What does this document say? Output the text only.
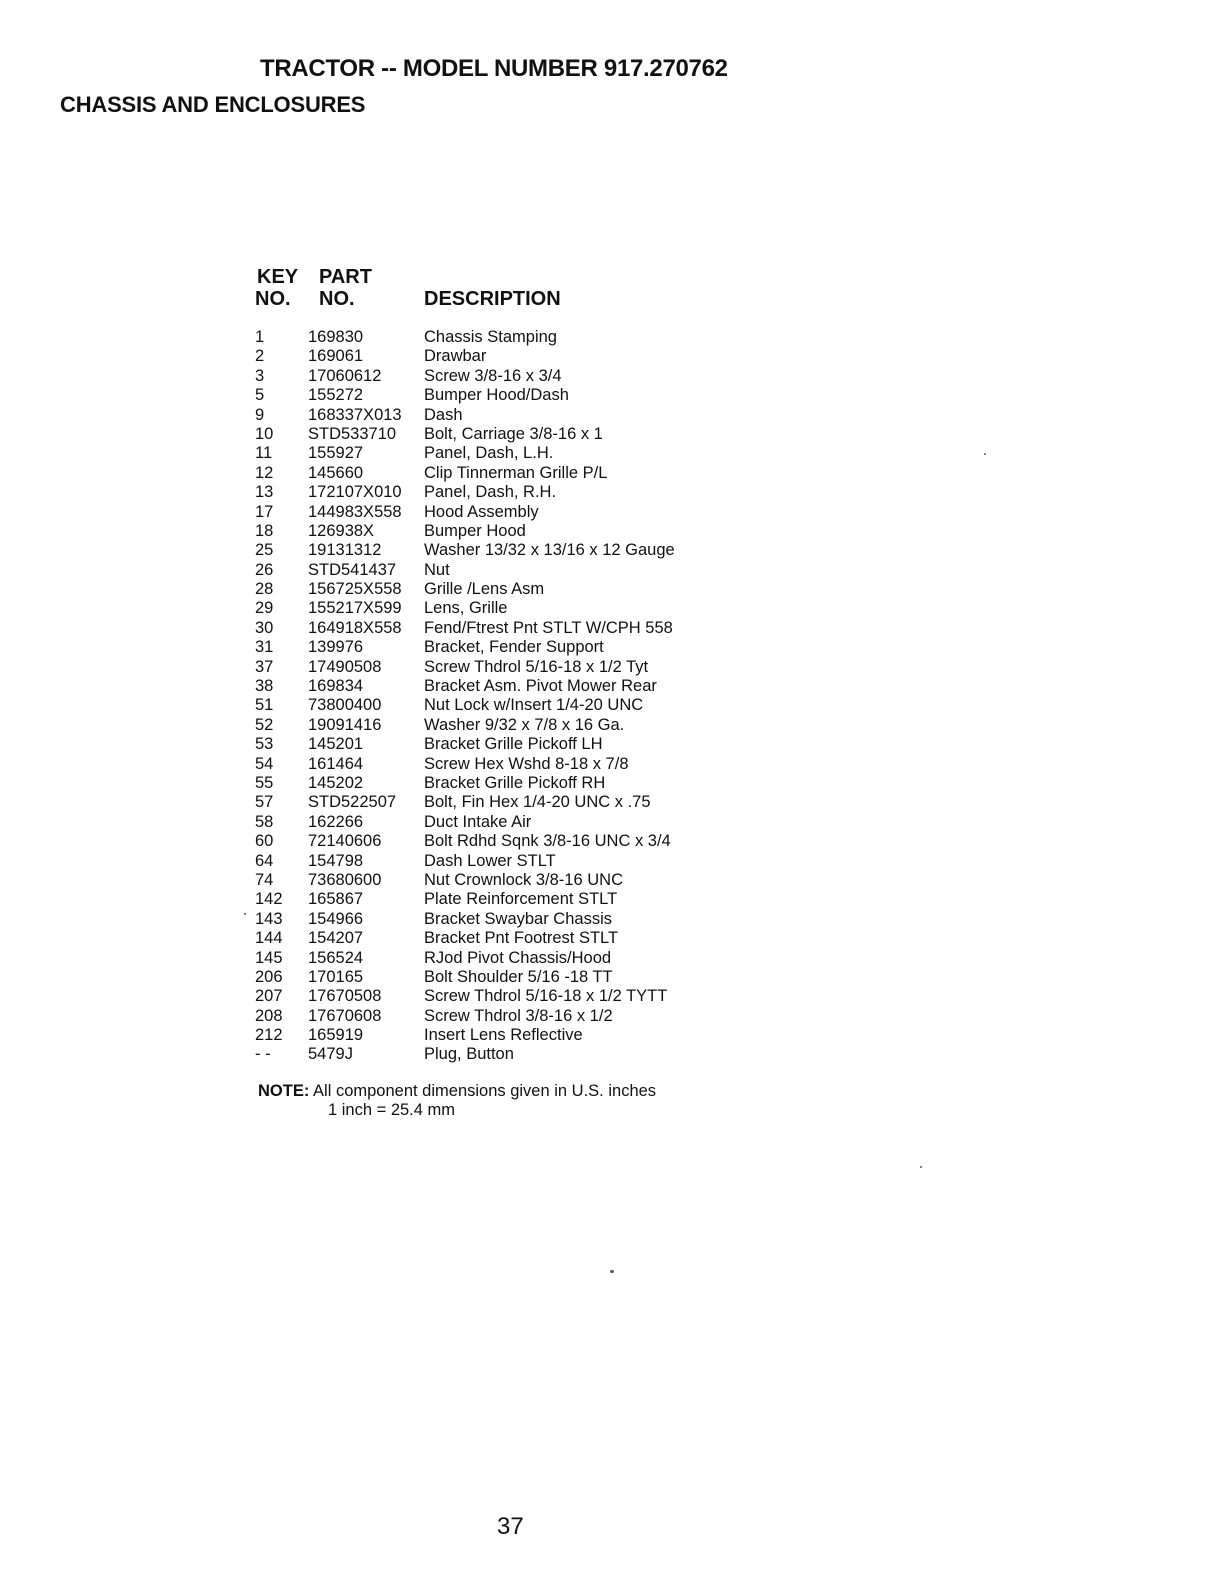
TRACTOR -- MODEL NUMBER 917.270762
CHASSIS AND ENCLOSURES
KEY PART
NO. NO.	DESCRIPTION
1	169830	Chassis Stamping
2	169061	Drawbar
3	17060612	Screw 3/8-16 x 3/4
5	155272	Bumper Hood/Dash
9	168337X013 Dash
10 STD533710 Bolt, Carriage 3/8-16 x 1
11 155927	Panel, Dash, L.H.
12 145660	Clip Tinnerman Grille P/L
13 172107X010 Panel, Dash, R.H.
17 144983X558 Hood Assembly
18 126938X	Bumper Hood
25 19131312	Washer 13/32 x 13/16 x 12 Gauge
26 STD541437 Nut
28 156725X558 Grille /Lens Asm
29 155217X599 Lens, Grille
30 164918X558 Fend/Ftrest Pnt STLT W/CPH 558
31 139976	Bracket, Fender Support
37 17490508	Screw Thdrol 5/16-18 x 1/2 Tyt
38 169834	Bracket Asm. Pivot Mower Rear
51 73800400	Nut Lock w/Insert 1/4-20 UNC
52 19091416	Washer 9/32 x 7/8 x 16 Ga.
53 145201	Bracket Grille Pickoff LH
54 161464	Screw Hex Wshd 8-18 x 7/8
55 145202	Bracket Grille Pickoff RH
57 STD522507 Bolt, Fin Hex 1/4-20 UNC x .75
58 162266	Duct Intake Air
60 72140606	Bolt Rdhd Sqnk 3/8-16 UNC x 3/4
64 154798	Dash Lower STLT
74 73680600	Nut Crownlock 3/8-16 UNC
142 165867	Plate Reinforcement STLT
143 154966	Bracket Swaybar Chassis
144 154207	Bracket Pnt Footrest STLT
145 156524	RJod Pivot Chassis/Hood
206 170165	Bolt Shoulder 5/16 -18 TT
207 17670508	Screw Thdrol 5/16-18 x 1/2 TYTT
208 17670608	Screw Thdrol 3/8-16 x 1/2
212 165919	Insert Lens Reflective
- - 5479J	Plug, Button
NOTE: All component dimensions given in U.S. inches
1 inch = 25.4 mm
37
